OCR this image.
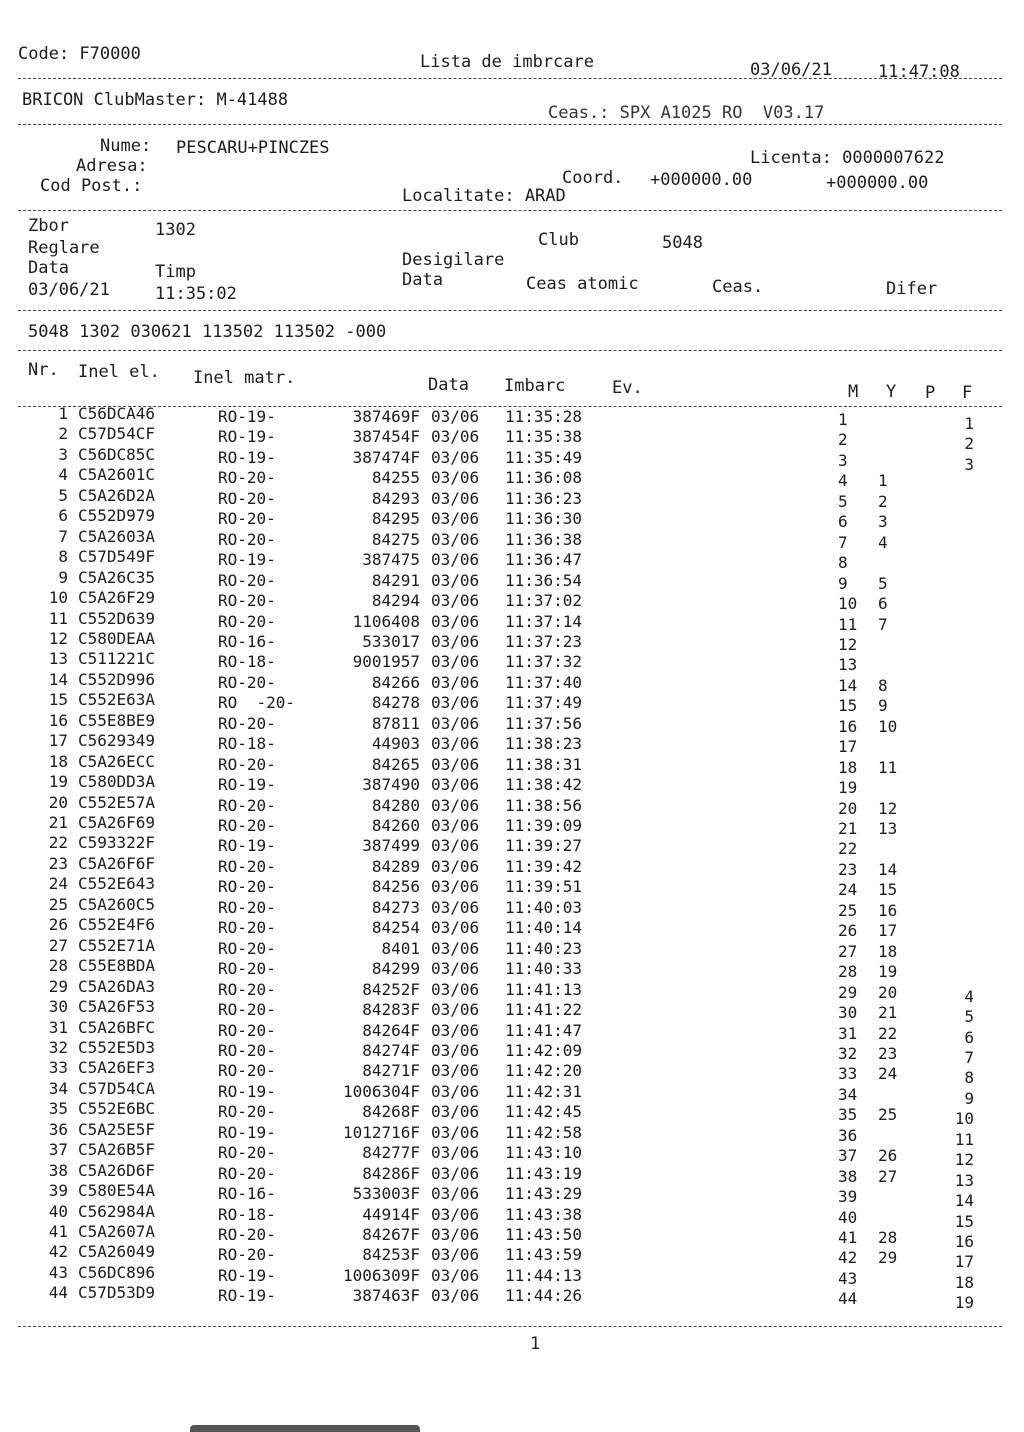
Code: F70000	Lista de imbrcare	03/06/21	11:47:08
BRICON ClubMaster: M-41488
Ceas.: SPX A1025 RO  V03.17
Nume: PESCARU+PINCZES
Adresa:
Cod Post.:
Licenta: 0000007622
Coord. +000000.00	+000000.00
Localitate: ARAD
Zbor	1302
Reglare	Club	5048
Data	Timp
Desigilare
Data	Ceas atomic	Ceas.	Difer
03/06/21	11:35:02
5048 1302 030621 113502 113502 -000
Nr. Inel el. Inel matr.	Data Imbarc	Ev.	M Y P F
1 C56DCA46	RO-19-	387469F 03/06 11:35:28	1	1
2 C57D54CF	RO-19-	387454F 03/06 11:35:38	2	2
3 C56DC85C	RO-19-	387474F 03/06 11:35:49	3	3
4 C5A2601C	RO-20-	84255 03/06 11:36:08	4 1
5 C5A26D2A	RO-20-	84293 03/06 11:36:23	5 2
6 C552D979	RO-20-	84295 03/06 11:36:30	6 3
7 C5A2603A	RO-20-	84275 03/06 11:36:38	7 4
8 C57D549F	RO-19-	387475 03/06 11:36:47	8
9 C5A26C35	RO-20-	84291 03/06 11:36:54	9 5
10 C5A26F29	RO-20-	84294 03/06 11:37:02	10 6
11 C552D639	RO-20-	1106408 03/06 11:37:14	11 7
12 C580DEAA	RO-16-	533017 03/06 11:37:23	12
13 C511221C	RO-18-	9001957 03/06 11:37:32	13
14 C552D996	RO-20-	84266 03/06 11:37:40	14 8
15 C552E63A	RO  -20-	84278 03/06 11:37:49	15 9
16 C55E8BE9	RO-20-	87811 03/06 11:37:56	16 10
17 C5629349	RO-18-	44903 03/06 11:38:23	17
18 C5A26ECC	RO-20-	84265 03/06 11:38:31	18 11
19 C580DD3A	RO-19-	387490 03/06 11:38:42	19
20 C552E57A	RO-20-	84280 03/06 11:38:56	20 12
21 C5A26F69	RO-20-	84260 03/06 11:39:09	21 13
22 C593322F	RO-19-	387499 03/06 11:39:27	22
23 C5A26F6F	RO-20-	84289 03/06 11:39:42	23 14
24 C552E643	RO-20-	84256 03/06 11:39:51	24 15
25 C5A260C5	RO-20-	84273 03/06 11:40:03	25 16
26 C552E4F6	RO-20-	84254 03/06 11:40:14	26 17
27 C552E71A	RO-20-	8401 03/06 11:40:23	27 18
28 C55E8BDA	RO-20-	84299 03/06 11:40:33	28 19
29 C5A26DA3	RO-20-	84252F 03/06 11:41:13	29 20	4
30 C5A26F53	RO-20-	84283F 03/06 11:41:22	30 21	5
31 C5A26BFC	RO-20-	84264F 03/06 11:41:47	31 22	6
32 C552E5D3	RO-20-	84274F 03/06 11:42:09	32 23	7
33 C5A26EF3	RO-20-	84271F 03/06 11:42:20	33 24	8
34 C57D54CA	RO-19-	1006304F 03/06 11:42:31	34	9
35 C552E6BC	RO-20-	84268F 03/06 11:42:45	35 25	10
36 C5A25E5F	RO-19-	1012716F 03/06 11:42:58	36	11
37 C5A26B5F	RO-20-	84277F 03/06 11:43:10	37 26	12
38 C5A26D6F	RO-20-	84286F 03/06 11:43:19	38 27	13
39 C580E54A	RO-16-	533003F 03/06 11:43:29	39	14
40 C562984A	RO-18-	44914F 03/06 11:43:38	40	15
41 C5A2607A	RO-20-	84267F 03/06 11:43:50	41 28	16
42 C5A26049	RO-20-	84253F 03/06 11:43:59	42 29	17
43 C56DC896	RO-19-	1006309F 03/06 11:44:13	43	18
44 C57D53D9	RO-19-	387463F 03/06 11:44:26	44	19
1
